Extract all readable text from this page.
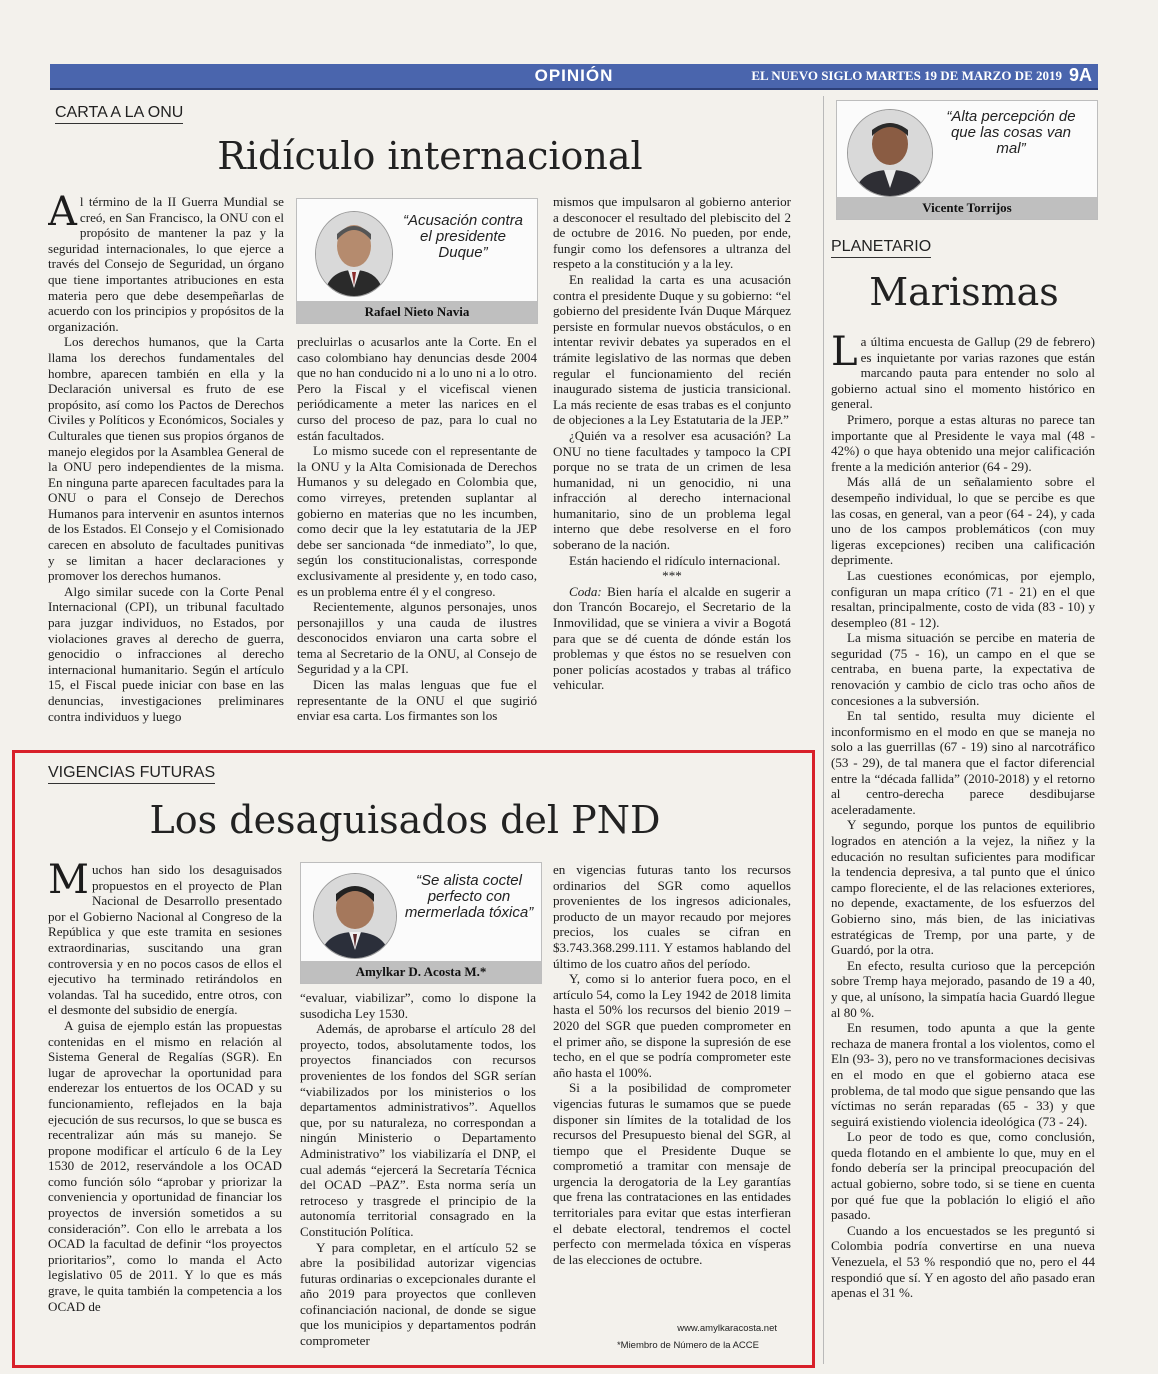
OPINIÓN	EL NUEVO SIGLO MARTES 19 DE MARZO DE 2019 9A
CARTA A LA ONU
Ridículo internacional

Al término de la II Guerra Mundial se creó, en San Francisco, la ONU con el propósito de mantener la paz y la seguridad internacionales, lo que ejerce a través del Consejo de Seguridad, un órgano que tiene importantes atribuciones en esta materia pero que debe desempeñarlas de acuerdo con los principios y propósitos de la organización.

Los derechos humanos, que la Carta llama los derechos fundamentales del hombre, aparecen también en ella y la Declaración universal es fruto de ese propósito, así como los Pactos de Derechos Civiles y Políticos y Económicos, Sociales y Culturales que tienen sus propios órganos de manejo elegidos por la Asamblea General de la ONU pero independientes de la misma. En ninguna parte aparecen facultades para la ONU o para el Consejo de Derechos Humanos para intervenir en asuntos internos de los Estados. El Consejo y el Comisionado carecen en absoluto de facultades punitivas y se limitan a hacer declaraciones y promover los derechos humanos.

Algo similar sucede con la Corte Penal Internacional (CPI), un tribunal facultado para juzgar individuos, no Estados, por violaciones graves al derecho de guerra, genocidio o infracciones al derecho internacional humanitario. Según el artículo 15, el Fiscal puede iniciar con base en las denuncias, investigaciones preliminares contra individuos y luego

“Acusación contra el presidente Duque”
Rafael Nieto Navia

precluirlas o acusarlos ante la Corte. En el caso colombiano hay denuncias desde 2004 que no han conducido ni a lo uno ni a lo otro. Pero la Fiscal y el vicefiscal vienen periódicamente a meter las narices en el curso del proceso de paz, para lo cual no están facultados.

Lo mismo sucede con el representante de la ONU y la Alta Comisionada de Derechos Humanos y su delegado en Colombia que, como virreyes, pretenden suplantar al gobierno en materias que no les incumben, como decir que la ley estatutaria de la JEP debe ser sancionada “de inmediato”, lo que, según los constitucionalistas, corresponde exclusivamente al presidente y, en todo caso, es un problema entre él y el congreso.

Recientemente, algunos personajes, unos personajillos y una cauda de ilustres desconocidos enviaron una carta sobre el tema al Secretario de la ONU, al Consejo de Seguridad y a la CPI.

Dicen las malas lenguas que fue el representante de la ONU el que sugirió enviar esa carta. Los firmantes son los

mismos que impulsaron al gobierno anterior a desconocer el resultado del plebiscito del 2 de octubre de 2016. No pueden, por ende, fungir como los defensores a ultranza del respeto a la constitución y a la ley.

En realidad la carta es una acusación contra el presidente Duque y su gobierno: “el gobierno del presidente Iván Duque Márquez persiste en formular nuevos obstáculos, o en intentar revivir debates ya superados en el trámite legislativo de las normas que deben regular el funcionamiento del recién inaugurado sistema de justicia transicional. La más reciente de esas trabas es el conjunto de objeciones a la Ley Estatutaria de la JEP.”

¿Quién va a resolver esa acusación? La ONU no tiene facultades y tampoco la CPI porque no se trata de un crimen de lesa humanidad, ni un genocidio, ni una infracción al derecho internacional humanitario, sino de un problema legal interno que debe resolverse en el foro soberano de la nación.

Están haciendo el ridículo internacional.

***

Coda: Bien haría el alcalde en sugerir a don Trancón Bocarejo, el Secretario de la Inmovilidad, que se viniera a vivir a Bogotá para que se dé cuenta de dónde están los problemas y que éstos no se resuelven con poner policías acostados y trabas al tráfico vehicular.

VIGENCIAS FUTURAS
Los desaguisados del PND

Muchos han sido los desaguisados propuestos en el proyecto de Plan Nacional de Desarrollo presentado por el Gobierno Nacional al Congreso de la República y que este tramita en sesiones extraordinarias, suscitando una gran controversia y en no pocos casos de ellos el ejecutivo ha terminado retirándolos en volandas. Tal ha sucedido, entre otros, con el desmonte del subsidio de energía.

A guisa de ejemplo están las propuestas contenidas en el mismo en relación al Sistema General de Regalías (SGR). En lugar de aprovechar la oportunidad para enderezar los entuertos de los OCAD y su funcionamiento, reflejados en la baja ejecución de sus recursos, lo que se busca es recentralizar aún más su manejo. Se propone modificar el artículo 6 de la Ley 1530 de 2012, reservándole a los OCAD como función sólo “aprobar y priorizar la conveniencia y oportunidad de financiar los proyectos de inversión sometidos a su consideración”. Con ello le arrebata a los OCAD la facultad de definir “los proyectos prioritarios”, como lo manda el Acto legislativo 05 de 2011. Y lo que es más grave, le quita también la competencia a los OCAD de

“Se alista coctel perfecto con mermerlada tóxica”
Amylkar D. Acosta M.*

“evaluar, viabilizar”, como lo dispone la susodicha Ley 1530.

Además, de aprobarse el artículo 28 del proyecto, todos, absolutamente todos, los proyectos financiados con recursos provenientes de los fondos del SGR serían “viabilizados por los ministerios o los departamentos administrativos”. Aquellos que, por su naturaleza, no correspondan a ningún Ministerio o Departamento Administrativo” los viabilizaría el DNP, el cual además “ejercerá la Secretaría Técnica del OCAD –PAZ”. Esta norma sería un retroceso y trasgrede el principio de la autonomía territorial consagrado en la Constitución Política.

Y para completar, en el artículo 52 se abre la posibilidad autorizar vigencias futuras ordinarias o excepcionales durante el año 2019 para proyectos que conlleven cofinanciación nacional, de donde se sigue que los municipios y departamentos podrán comprometer

en vigencias futuras tanto los recursos ordinarios del SGR como aquellos provenientes de los ingresos adicionales, producto de un mayor recaudo por mejores precios, los cuales se cifran en $3.743.368.299.111. Y estamos hablando del último de los cuatro años del período.

Y, como si lo anterior fuera poco, en el artículo 54, como la Ley 1942 de 2018 limita hasta el 50% los recursos del bienio 2019 – 2020 del SGR que pueden comprometer en el primer año, se dispone la supresión de ese techo, en el que se podría comprometer este año hasta el 100%.

Si a la posibilidad de comprometer vigencias futuras le sumamos que se puede disponer sin límites de la totalidad de los recursos del Presupuesto bienal del SGR, al tiempo que el Presidente Duque se comprometió a tramitar con mensaje de urgencia la derogatoria de la Ley garantías que frena las contrataciones en las entidades territoriales para evitar que estas interfieran el debate electoral, tendremos el coctel perfecto con mermelada tóxica en vísperas de las elecciones de octubre.

www.amylkaracosta.net
*Miembro de Número de la ACCE
“Alta percepción de que las cosas van mal”
Vicente Torrijos
PLANETARIO
Marismas

La última encuesta de Gallup (29 de febrero) es inquietante por varias razones que están marcando pauta para entender no solo al gobierno actual sino el momento histórico en general.

Primero, porque a estas alturas no parece tan importante que al Presidente le vaya mal (48 - 42%) o que haya obtenido una mejor calificación frente a la medición anterior (64 - 29).

Más allá de un señalamiento sobre el desempeño individual, lo que se percibe es que las cosas, en general, van a peor (64 - 24), y cada uno de los campos problemáticos (con muy ligeras excepciones) reciben una calificación deprimente.

Las cuestiones económicas, por ejemplo, configuran un mapa crítico (71 - 21) en el que resaltan, principalmente, costo de vida (83 - 10) y desempleo (81 - 12).

La misma situación se percibe en materia de seguridad (75 - 16), un campo en el que se centraba, en buena parte, la expectativa de renovación y cambio de ciclo tras ocho años de concesiones a la subversión.

En tal sentido, resulta muy diciente el inconformismo en el modo en que se maneja no solo a las guerrillas (67 - 19) sino al narcotráfico (53 - 29), de tal manera que el factor diferencial entre la “década fallida” (2010-2018) y el retorno al centro-derecha parece desdibujarse aceleradamente.

Y segundo, porque los puntos de equilibrio logrados en atención a la vejez, la niñez y la educación no resultan suficientes para modificar la tendencia depresiva, a tal punto que el único campo floreciente, el de las relaciones exteriores, no depende, exactamente, de los esfuerzos del Gobierno sino, más bien, de las iniciativas estratégicas de Tremp, por una parte, y de Guardó, por la otra.

En efecto, resulta curioso que la percepción sobre Tremp haya mejorado, pasando de 19 a 40, y que, al unísono, la simpatía hacia Guardó llegue al 80 %.

En resumen, todo apunta a que la gente rechaza de manera frontal a los violentos, como el Eln (93- 3), pero no ve transformaciones decisivas en el modo en que el gobierno ataca ese problema, de tal modo que sigue pensando que las víctimas no serán reparadas (65 - 33) y que seguirá existiendo violencia ideológica (73 - 24).

Lo peor de todo es que, como conclusión, queda flotando en el ambiente lo que, muy en el fondo debería ser la principal preocupación del actual gobierno, sobre todo, si se tiene en cuenta por qué fue que la población lo eligió el año pasado.

Cuando a los encuestados se les preguntó si Colombia podría convertirse en una nueva Venezuela, el 53 % respondió que no, pero el 44 respondió que sí. Y en agosto del año pasado eran apenas el 31 %.
